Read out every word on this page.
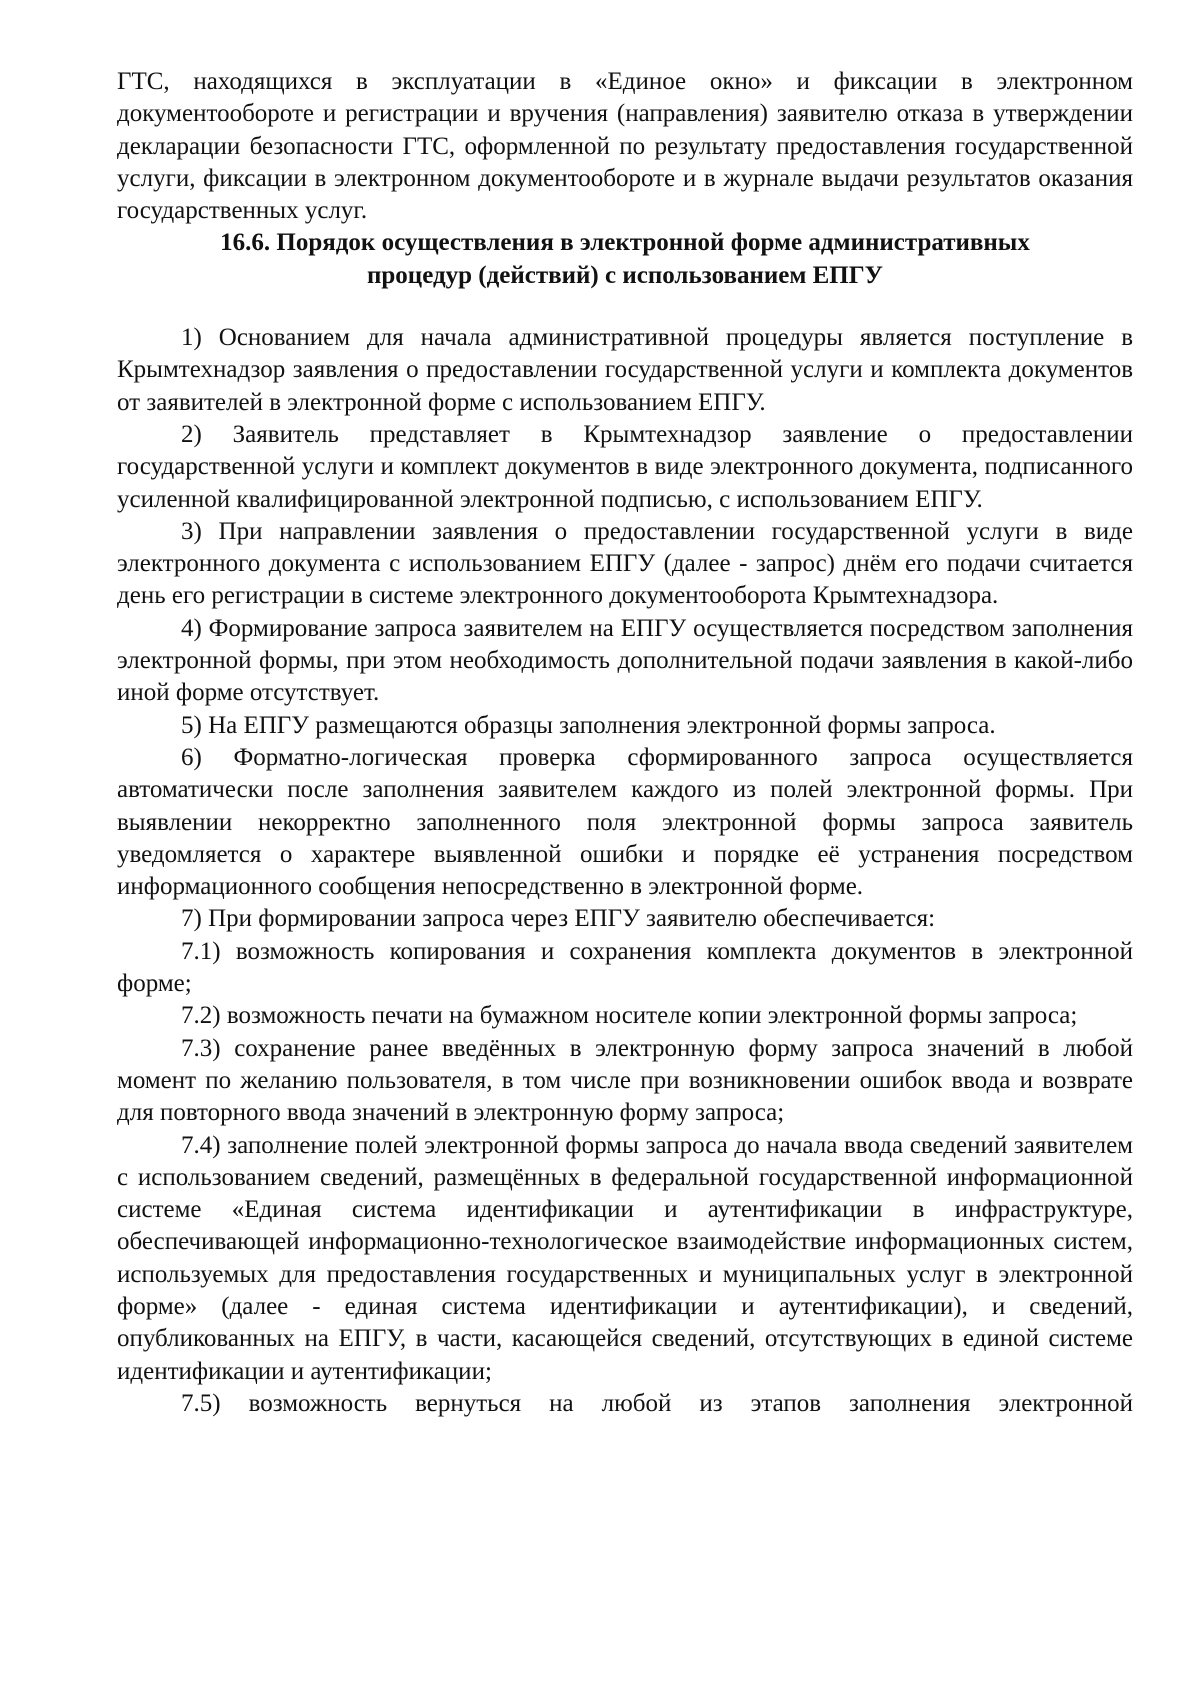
ГТС, находящихся в эксплуатации в «Единое окно» и фиксации в электронном документообороте и регистрации и вручения (направления) заявителю отказа в утверждении декларации безопасности ГТС, оформленной по результату предоставления государственной услуги, фиксации в электронном документообороте и в журнале выдачи результатов оказания государственных услуг.

16.6. Порядок осуществления в электронной форме административных процедур (действий) с использованием ЕПГУ

1) Основанием для начала административной процедуры является поступление в Крымтехнадзор заявления о предоставлении государственной услуги и комплекта документов от заявителей в электронной форме с использованием ЕПГУ.

2) Заявитель представляет в Крымтехнадзор заявление о предоставлении государственной услуги и комплект документов в виде электронного документа, подписанного усиленной квалифицированной электронной подписью, с использованием ЕПГУ.

3) При направлении заявления о предоставлении государственной услуги в виде электронного документа с использованием ЕПГУ (далее - запрос) днём его подачи считается день его регистрации в системе электронного документооборота Крымтехнадзора.

4) Формирование запроса заявителем на ЕПГУ осуществляется посредством заполнения электронной формы, при этом необходимость дополнительной подачи заявления в какой-либо иной форме отсутствует.

5) На ЕПГУ размещаются образцы заполнения электронной формы запроса.

6) Форматно-логическая проверка сформированного запроса осуществляется автоматически после заполнения заявителем каждого из полей электронной формы. При выявлении некорректно заполненного поля электронной формы запроса заявитель уведомляется о характере выявленной ошибки и порядке её устранения посредством информационного сообщения непосредственно в электронной форме.

7) При формировании запроса через ЕПГУ заявителю обеспечивается:

7.1) возможность копирования и сохранения комплекта документов в электронной форме;

7.2) возможность печати на бумажном носителе копии электронной формы запроса;

7.3) сохранение ранее введённых в электронную форму запроса значений в любой момент по желанию пользователя, в том числе при возникновении ошибок ввода и возврате для повторного ввода значений в электронную форму запроса;

7.4) заполнение полей электронной формы запроса до начала ввода сведений заявителем с использованием сведений, размещённых в федеральной государственной информационной системе «Единая система идентификации и аутентификации в инфраструктуре, обеспечивающей информационно-технологическое взаимодействие информационных систем, используемых для предоставления государственных и муниципальных услуг в электронной форме» (далее - единая система идентификации и аутентификации), и сведений, опубликованных на ЕПГУ, в части, касающейся сведений, отсутствующих в единой системе идентификации и аутентификации;

7.5) возможность вернуться на любой из этапов заполнения электронной
